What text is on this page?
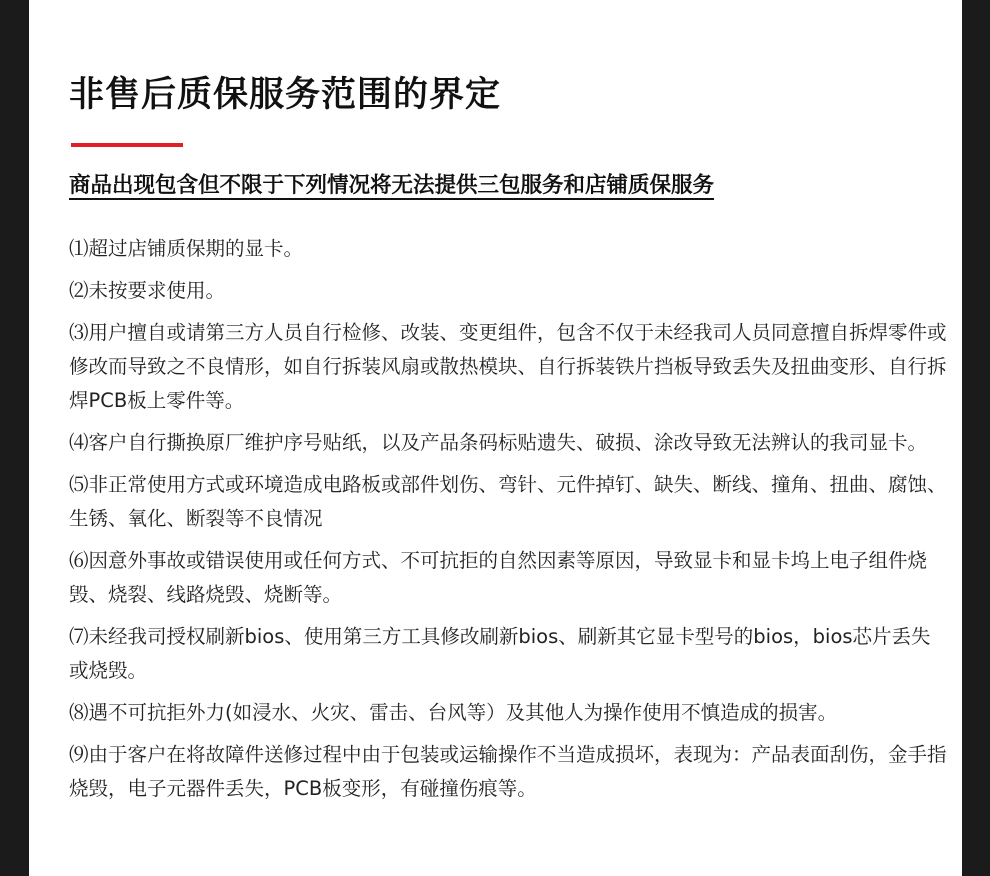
非售后质保服务范围的界定
商品出现包含但不限于下列情况将无法提供三包服务和店铺质保服务
⑴超过店铺质保期的显卡。
⑵未按要求使用。
⑶用户擅自或请第三方人员自行检修、改装、变更组件，包含不仅于未经我司人员同意擅自拆焊零件或修改而导致之不良情形，如自行拆装风扇或散热模块、自行拆装铁片挡板导致丢失及扭曲变形、自行拆焊PCB板上零件等。
⑷客户自行撕换原厂维护序号贴纸，以及产品条码标贴遗失、破损、涂改导致无法辨认的我司显卡。
⑸非正常使用方式或环境造成电路板或部件划伤、弯针、元件掉钉、缺失、断线、撞角、扭曲、腐蚀、生锈、氧化、断裂等不良情况
⑹因意外事故或错误使用或任何方式、不可抗拒的自然因素等原因，导致显卡和显卡坞上电子组件烧毁、烧裂、线路烧毁、烧断等。
⑺未经我司授权刷新bios、使用第三方工具修改刷新bios、刷新其它显卡型号的bios，bios芯片丢失或烧毁。
⑻遇不可抗拒外力(如浸水、火灾、雷击、台风等）及其他人为操作使用不慎造成的损害。
⑼由于客户在将故障件送修过程中由于包装或运输操作不当造成损坏，表现为：产品表面刮伤，金手指烧毁，电子元器件丢失，PCB板变形，有碰撞伤痕等。
